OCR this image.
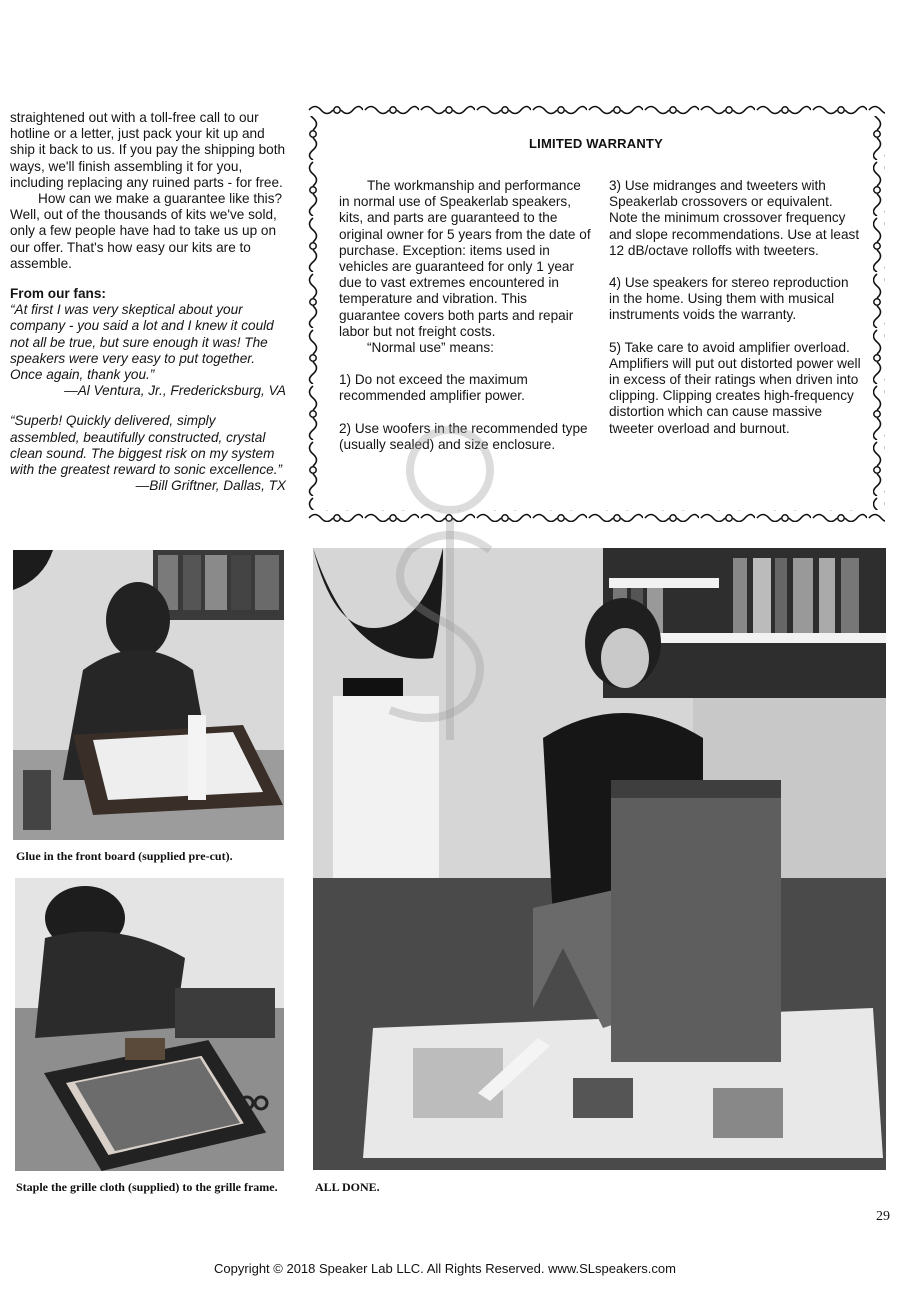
straightened out with a toll-free call to our hotline or a letter, just pack your kit up and ship it back to us. If you pay the shipping both ways, we'll finish assembling it for you, including replacing any ruined parts - for free.

How can we make a guarantee like this? Well, out of the thousands of kits we've sold, only a few people have had to take us up on our offer. That's how easy our kits are to assemble.

From our fans:

“At first I was very skeptical about your company - you said a lot and I knew it could not all be true, but sure enough it was! The speakers were very easy to put together. Once again, thank you.”

—Al Ventura, Jr., Fredericksburg, VA

“Superb! Quickly delivered, simply assembled, beautifully constructed, crystal clean sound. The biggest risk on my system with the greatest reward to sonic excellence.”

—Bill Griftner, Dallas, TX

LIMITED WARRANTY

The workmanship and performance in normal use of Speakerlab speakers, kits, and parts are guaranteed to the original owner for 5 years from the date of purchase. Exception: items used in vehicles are guaranteed for only 1 year due to vast extremes encountered in temperature and vibration. This guarantee covers both parts and repair labor but not freight costs.

“Normal use” means:

1) Do not exceed the maximum recommended amplifier power.

2) Use woofers in the recommended type (usually sealed) and size enclosure.

3) Use midranges and tweeters with Speakerlab crossovers or equivalent. Note the minimum crossover frequency and slope recommendations. Use at least 12 dB/octave rolloffs with tweeters.

4) Use speakers for stereo reproduction in the home. Using them with musical instruments voids the warranty.

5) Take care to avoid amplifier overload. Amplifiers will put out distorted power well in excess of their ratings when driven into clipping. Clipping creates high-frequency distortion which can cause massive tweeter overload and burnout.

Glue in the front board (supplied pre-cut).
Staple the grille cloth (supplied) to the grille frame.	ALL DONE.
29
Copyright © 2018 Speaker Lab LLC. All Rights Reserved. www.SLspeakers.com
